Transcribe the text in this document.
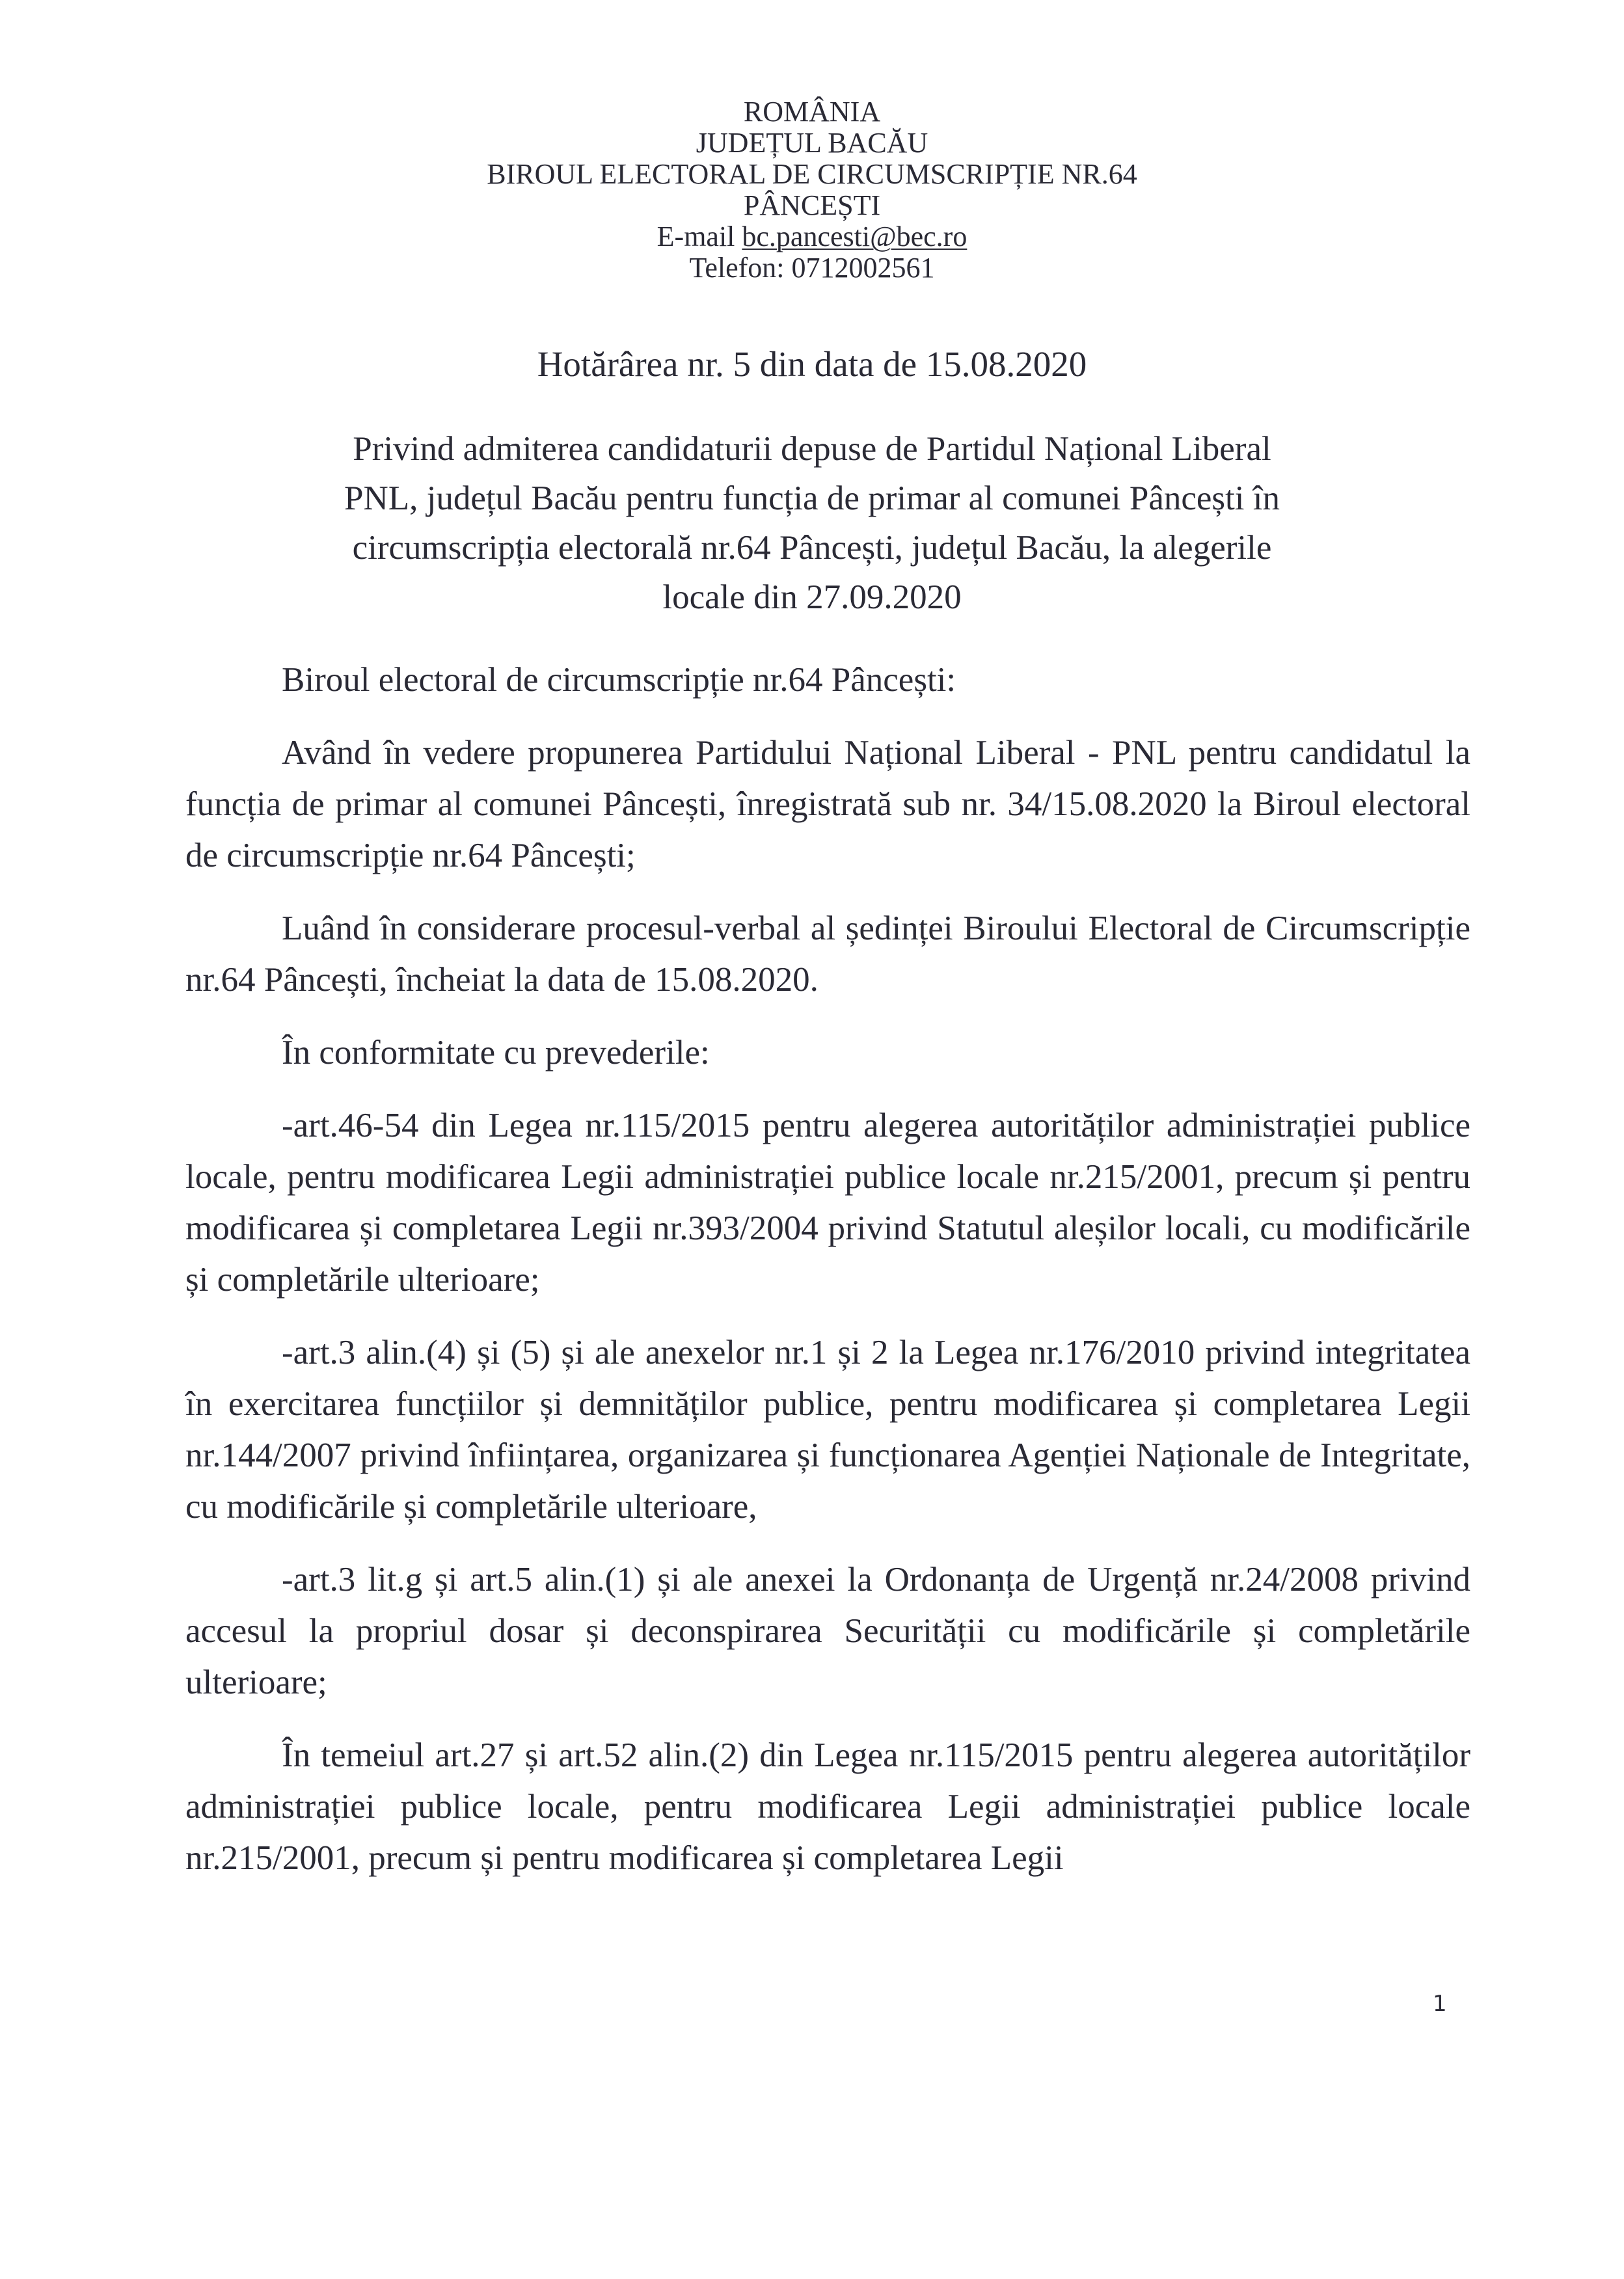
ROMÂNIA
JUDEȚUL BACĂU
BIROUL ELECTORAL DE CIRCUMSCRIPȚIE NR.64
PÂNCEȘTI
E-mail bc.pancesti@bec.ro
Telefon: 0712002561
Hotărârea nr. 5 din data de 15.08.2020
Privind admiterea candidaturii depuse de Partidul Național Liberal
PNL, județul Bacău pentru funcția de primar al comunei Pâncești în
circumscripția electorală nr.64 Pâncești, județul Bacău, la alegerile
locale din 27.09.2020

Biroul electoral de circumscripție nr.64 Pâncești:

Având în vedere propunerea Partidului Național Liberal - PNL pentru candidatul la funcția de primar al comunei Pâncești, înregistrată sub nr. 34/15.08.2020 la Biroul electoral de circumscripție nr.64 Pâncești;

Luând în considerare procesul-verbal al ședinței Biroului Electoral de Circumscripție nr.64 Pâncești, încheiat la data de 15.08.2020.

În conformitate cu prevederile:

-art.46-54 din Legea nr.115/2015 pentru alegerea autorităților administrației publice locale, pentru modificarea Legii administrației publice locale nr.215/2001, precum și pentru modificarea și completarea Legii nr.393/2004 privind Statutul aleșilor locali, cu modificările și completările ulterioare;

-art.3 alin.(4) și (5) și ale anexelor nr.1 și 2 la Legea nr.176/2010 privind integritatea în exercitarea funcțiilor și demnităților publice, pentru modificarea și completarea Legii nr.144/2007 privind înființarea, organizarea și funcționarea Agenției Naționale de Integritate, cu modificările și completările ulterioare,

-art.3 lit.g și art.5 alin.(1) și ale anexei la Ordonanța de Urgență nr.24/2008 privind accesul la propriul dosar și deconspirarea Securității cu modificările și completările ulterioare;

În temeiul art.27 și art.52 alin.(2) din Legea nr.115/2015 pentru alegerea autorităților administrației publice locale, pentru modificarea Legii administrației publice locale nr.215/2001, precum și pentru modificarea și completarea Legii

1
